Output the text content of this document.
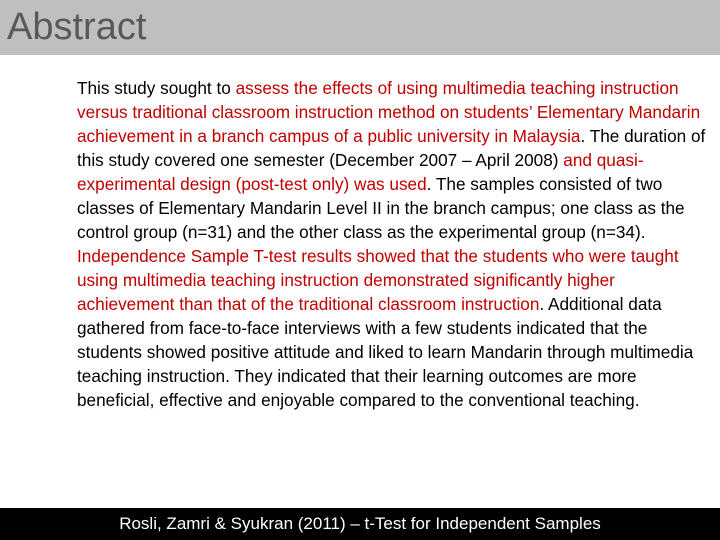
Abstract

This study sought to assess the effects of using multimedia teaching instruction versus traditional classroom instruction method on students’ Elementary Mandarin achievement in a branch campus of a public university in Malaysia. The duration of this study covered one semester (December 2007 – April 2008) and quasi-experimental design (post-test only) was used. The samples consisted of two classes of Elementary Mandarin Level II in the branch campus; one class as the control group (n=31) and the other class as the experimental group (n=34). Independence Sample T-test results showed that the students who were taught using multimedia teaching instruction demonstrated significantly higher achievement than that of the traditional classroom instruction. Additional data gathered from face-to-face interviews with a few students indicated that the students showed positive attitude and liked to learn Mandarin through multimedia teaching instruction. They indicated that their learning outcomes are more beneficial, effective and enjoyable compared to the conventional teaching.

Rosli, Zamri & Syukran (2011) – t-Test for Independent Samples
